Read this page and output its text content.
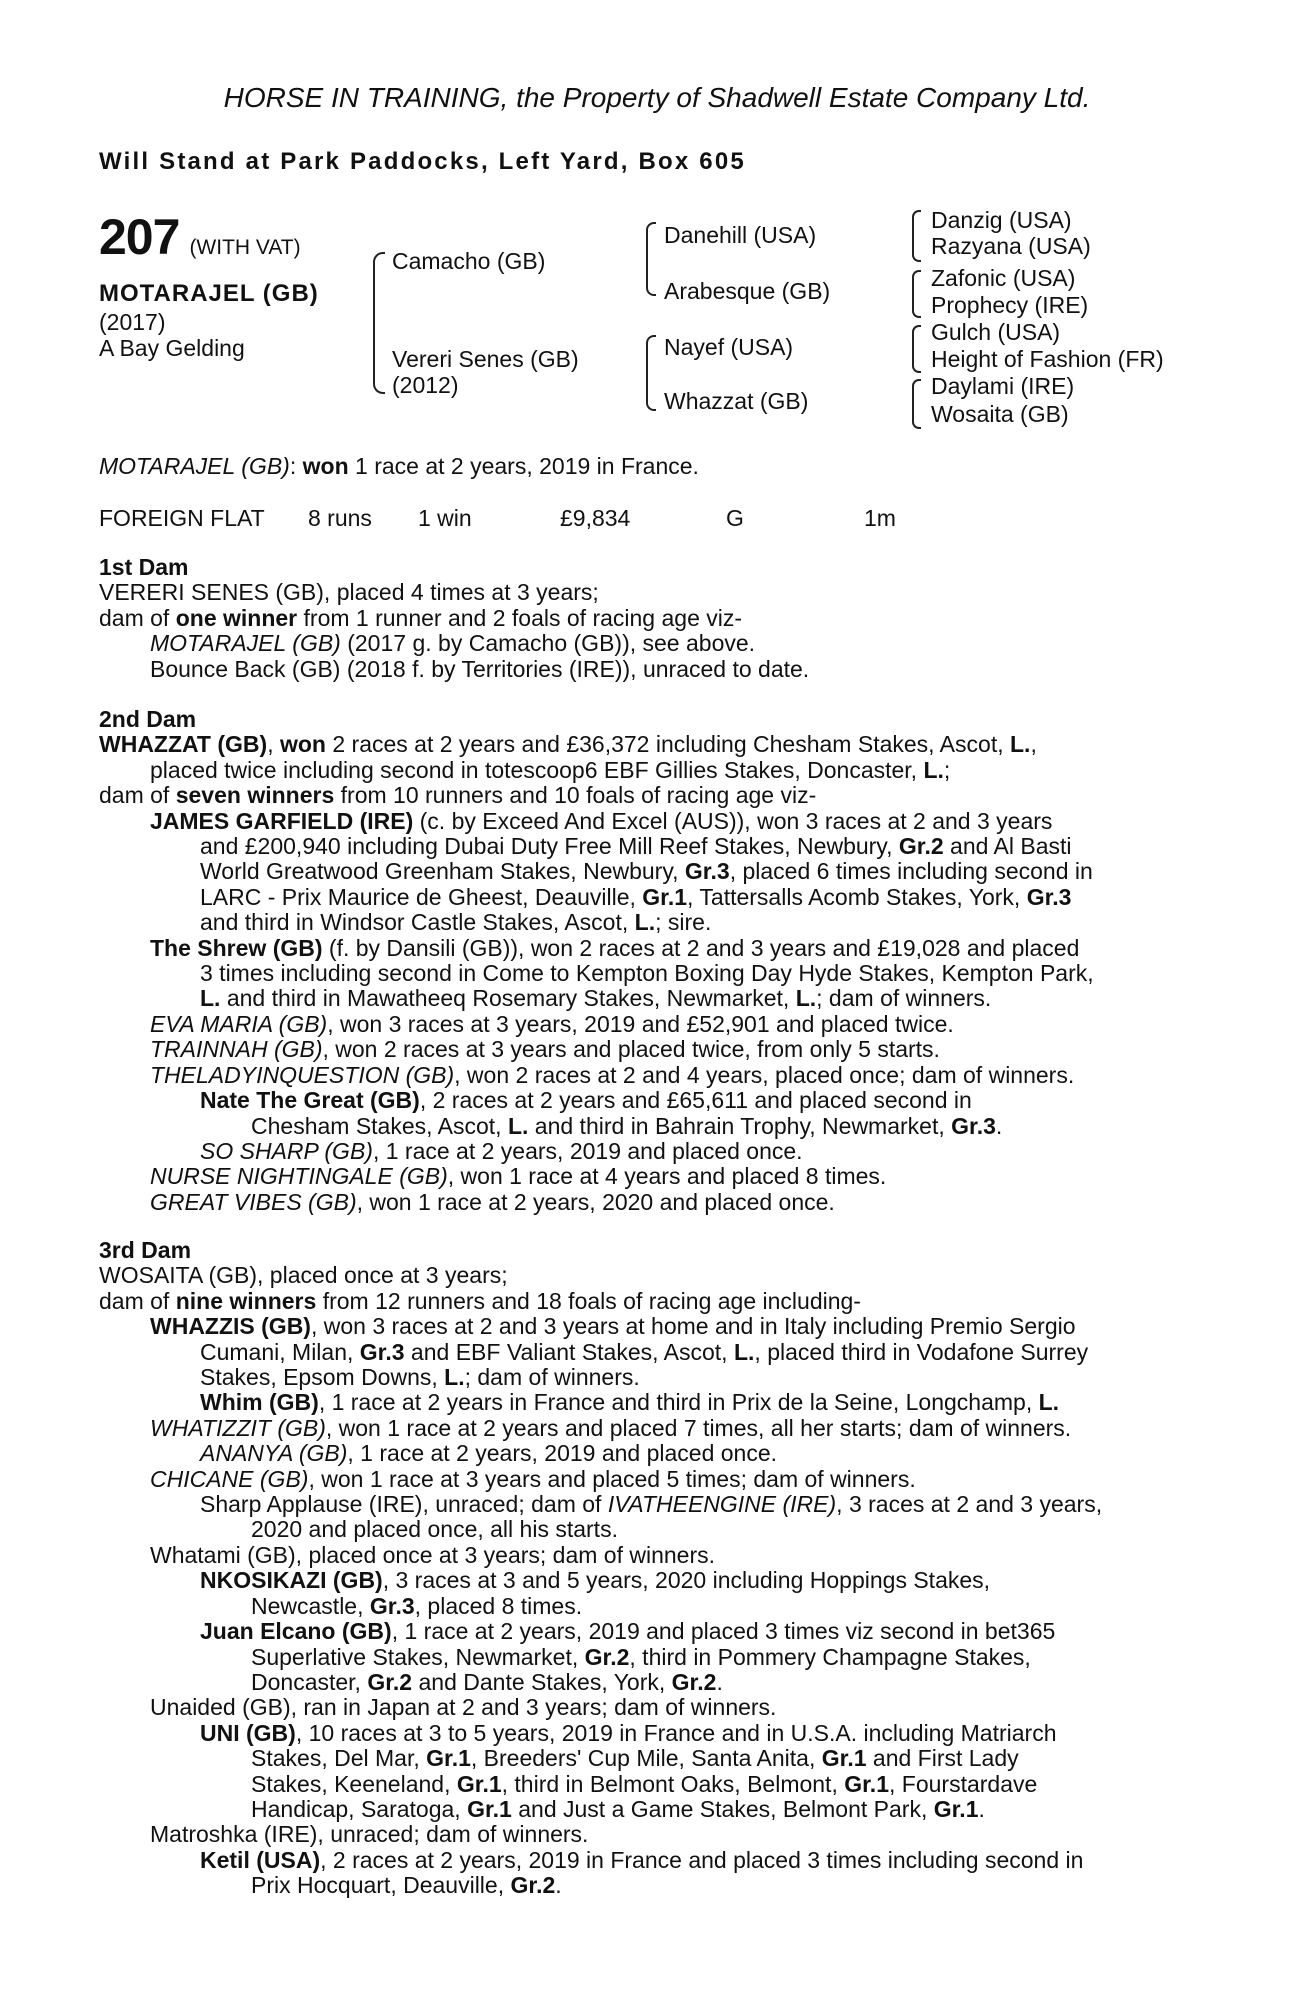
HORSE IN TRAINING, the Property of Shadwell Estate Company Ltd.
Will Stand at Park Paddocks, Left Yard, Box 605
207 (WITH VAT)
MOTARAJEL (GB)
(2017)
A Bay Gelding
Camacho (GB)
Vereri Senes (GB)
(2012)
Danehill (USA)
Arabesque (GB)
Nayef (USA)
Whazzat (GB)
Danzig (USA)
Razyana (USA)
Zafonic (USA)
Prophecy (IRE)
Gulch (USA)
Height of Fashion (FR)
Daylami (IRE)
Wosaita (GB)
MOTARAJEL (GB): won 1 race at 2 years, 2019 in France.
FOREIGN FLAT 8 runs 1 win	£9,834	G	1m
1st Dam
VERERI SENES (GB), placed 4 times at 3 years;
dam of one winner from 1 runner and 2 foals of racing age viz-
MOTARAJEL (GB) (2017 g. by Camacho (GB)), see above.
Bounce Back (GB) (2018 f. by Territories (IRE)), unraced to date.
2nd Dam
WHAZZAT (GB), won 2 races at 2 years and £36,372 including Chesham Stakes, Ascot, L.,
placed twice including second in totescoop6 EBF Gillies Stakes, Doncaster, L.;
dam of seven winners from 10 runners and 10 foals of racing age viz-
JAMES GARFIELD (IRE) (c. by Exceed And Excel (AUS)), won 3 races at 2 and 3 years
and £200,940 including Dubai Duty Free Mill Reef Stakes, Newbury, Gr.2 and Al Basti
World Greatwood Greenham Stakes, Newbury, Gr.3, placed 6 times including second in
LARC - Prix Maurice de Gheest, Deauville, Gr.1, Tattersalls Acomb Stakes, York, Gr.3
and third in Windsor Castle Stakes, Ascot, L.; sire.
The Shrew (GB) (f. by Dansili (GB)), won 2 races at 2 and 3 years and £19,028 and placed
3 times including second in Come to Kempton Boxing Day Hyde Stakes, Kempton Park,
L. and third in Mawatheeq Rosemary Stakes, Newmarket, L.; dam of winners.
EVA MARIA (GB), won 3 races at 3 years, 2019 and £52,901 and placed twice.
TRAINNAH (GB), won 2 races at 3 years and placed twice, from only 5 starts.
THELADYINQUESTION (GB), won 2 races at 2 and 4 years, placed once; dam of winners.
Nate The Great (GB), 2 races at 2 years and £65,611 and placed second in
Chesham Stakes, Ascot, L. and third in Bahrain Trophy, Newmarket, Gr.3.
SO SHARP (GB), 1 race at 2 years, 2019 and placed once.
NURSE NIGHTINGALE (GB), won 1 race at 4 years and placed 8 times.
GREAT VIBES (GB), won 1 race at 2 years, 2020 and placed once.
3rd Dam
WOSAITA (GB), placed once at 3 years;
dam of nine winners from 12 runners and 18 foals of racing age including-
WHAZZIS (GB), won 3 races at 2 and 3 years at home and in Italy including Premio Sergio
Cumani, Milan, Gr.3 and EBF Valiant Stakes, Ascot, L., placed third in Vodafone Surrey
Stakes, Epsom Downs, L.; dam of winners.
Whim (GB), 1 race at 2 years in France and third in Prix de la Seine, Longchamp, L.
WHATIZZIT (GB), won 1 race at 2 years and placed 7 times, all her starts; dam of winners.
ANANYA (GB), 1 race at 2 years, 2019 and placed once.
CHICANE (GB), won 1 race at 3 years and placed 5 times; dam of winners.
Sharp Applause (IRE), unraced; dam of IVATHEENGINE (IRE), 3 races at 2 and 3 years,
2020 and placed once, all his starts.
Whatami (GB), placed once at 3 years; dam of winners.
NKOSIKAZI (GB), 3 races at 3 and 5 years, 2020 including Hoppings Stakes,
Newcastle, Gr.3, placed 8 times.
Juan Elcano (GB), 1 race at 2 years, 2019 and placed 3 times viz second in bet365
Superlative Stakes, Newmarket, Gr.2, third in Pommery Champagne Stakes,
Doncaster, Gr.2 and Dante Stakes, York, Gr.2.
Unaided (GB), ran in Japan at 2 and 3 years; dam of winners.
UNI (GB), 10 races at 3 to 5 years, 2019 in France and in U.S.A. including Matriarch
Stakes, Del Mar, Gr.1, Breeders' Cup Mile, Santa Anita, Gr.1 and First Lady
Stakes, Keeneland, Gr.1, third in Belmont Oaks, Belmont, Gr.1, Fourstardave
Handicap, Saratoga, Gr.1 and Just a Game Stakes, Belmont Park, Gr.1.
Matroshka (IRE), unraced; dam of winners.
Ketil (USA), 2 races at 2 years, 2019 in France and placed 3 times including second in
Prix Hocquart, Deauville, Gr.2.
